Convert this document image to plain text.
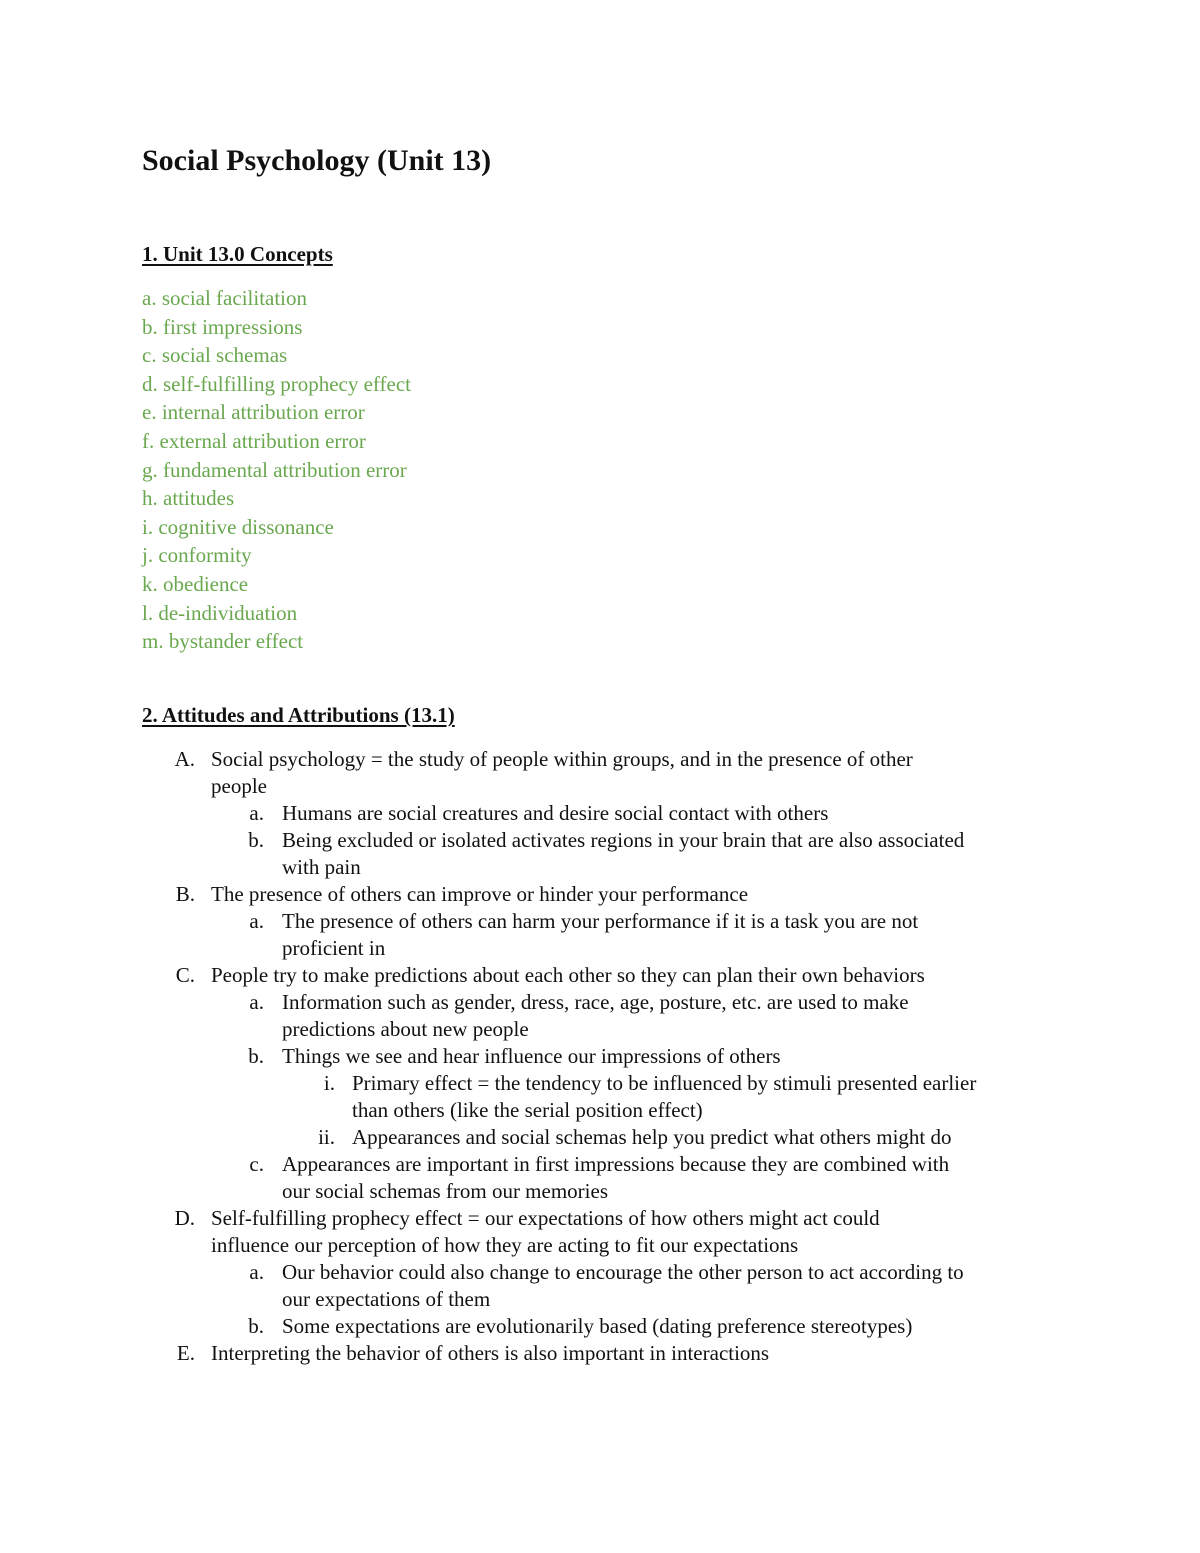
Social Psychology (Unit 13)
1. Unit 13.0 Concepts
a. social facilitation
b. first impressions
c. social schemas
d. self-fulfilling prophecy effect
e. internal attribution error
f. external attribution error
g. fundamental attribution error
h. attitudes
i. cognitive dissonance
j. conformity
k. obedience
l. de-individuation
m. bystander effect
2. Attitudes and Attributions (13.1)
A. Social psychology = the study of people within groups, and in the presence of other
people
a. Humans are social creatures and desire social contact with others
b. Being excluded or isolated activates regions in your brain that are also associated
with pain
B. The presence of others can improve or hinder your performance
a. The presence of others can harm your performance if it is a task you are not
proficient in
C. People try to make predictions about each other so they can plan their own behaviors
a. Information such as gender, dress, race, age, posture, etc. are used to make
predictions about new people
b. Things we see and hear influence our impressions of others
i. Primary effect = the tendency to be influenced by stimuli presented earlier
than others (like the serial position effect)
ii. Appearances and social schemas help you predict what others might do
c. Appearances are important in first impressions because they are combined with
our social schemas from our memories
D. Self-fulfilling prophecy effect = our expectations of how others might act could
influence our perception of how they are acting to fit our expectations
a. Our behavior could also change to encourage the other person to act according to
our expectations of them
b. Some expectations are evolutionarily based (dating preference stereotypes)
E. Interpreting the behavior of others is also important in interactions
